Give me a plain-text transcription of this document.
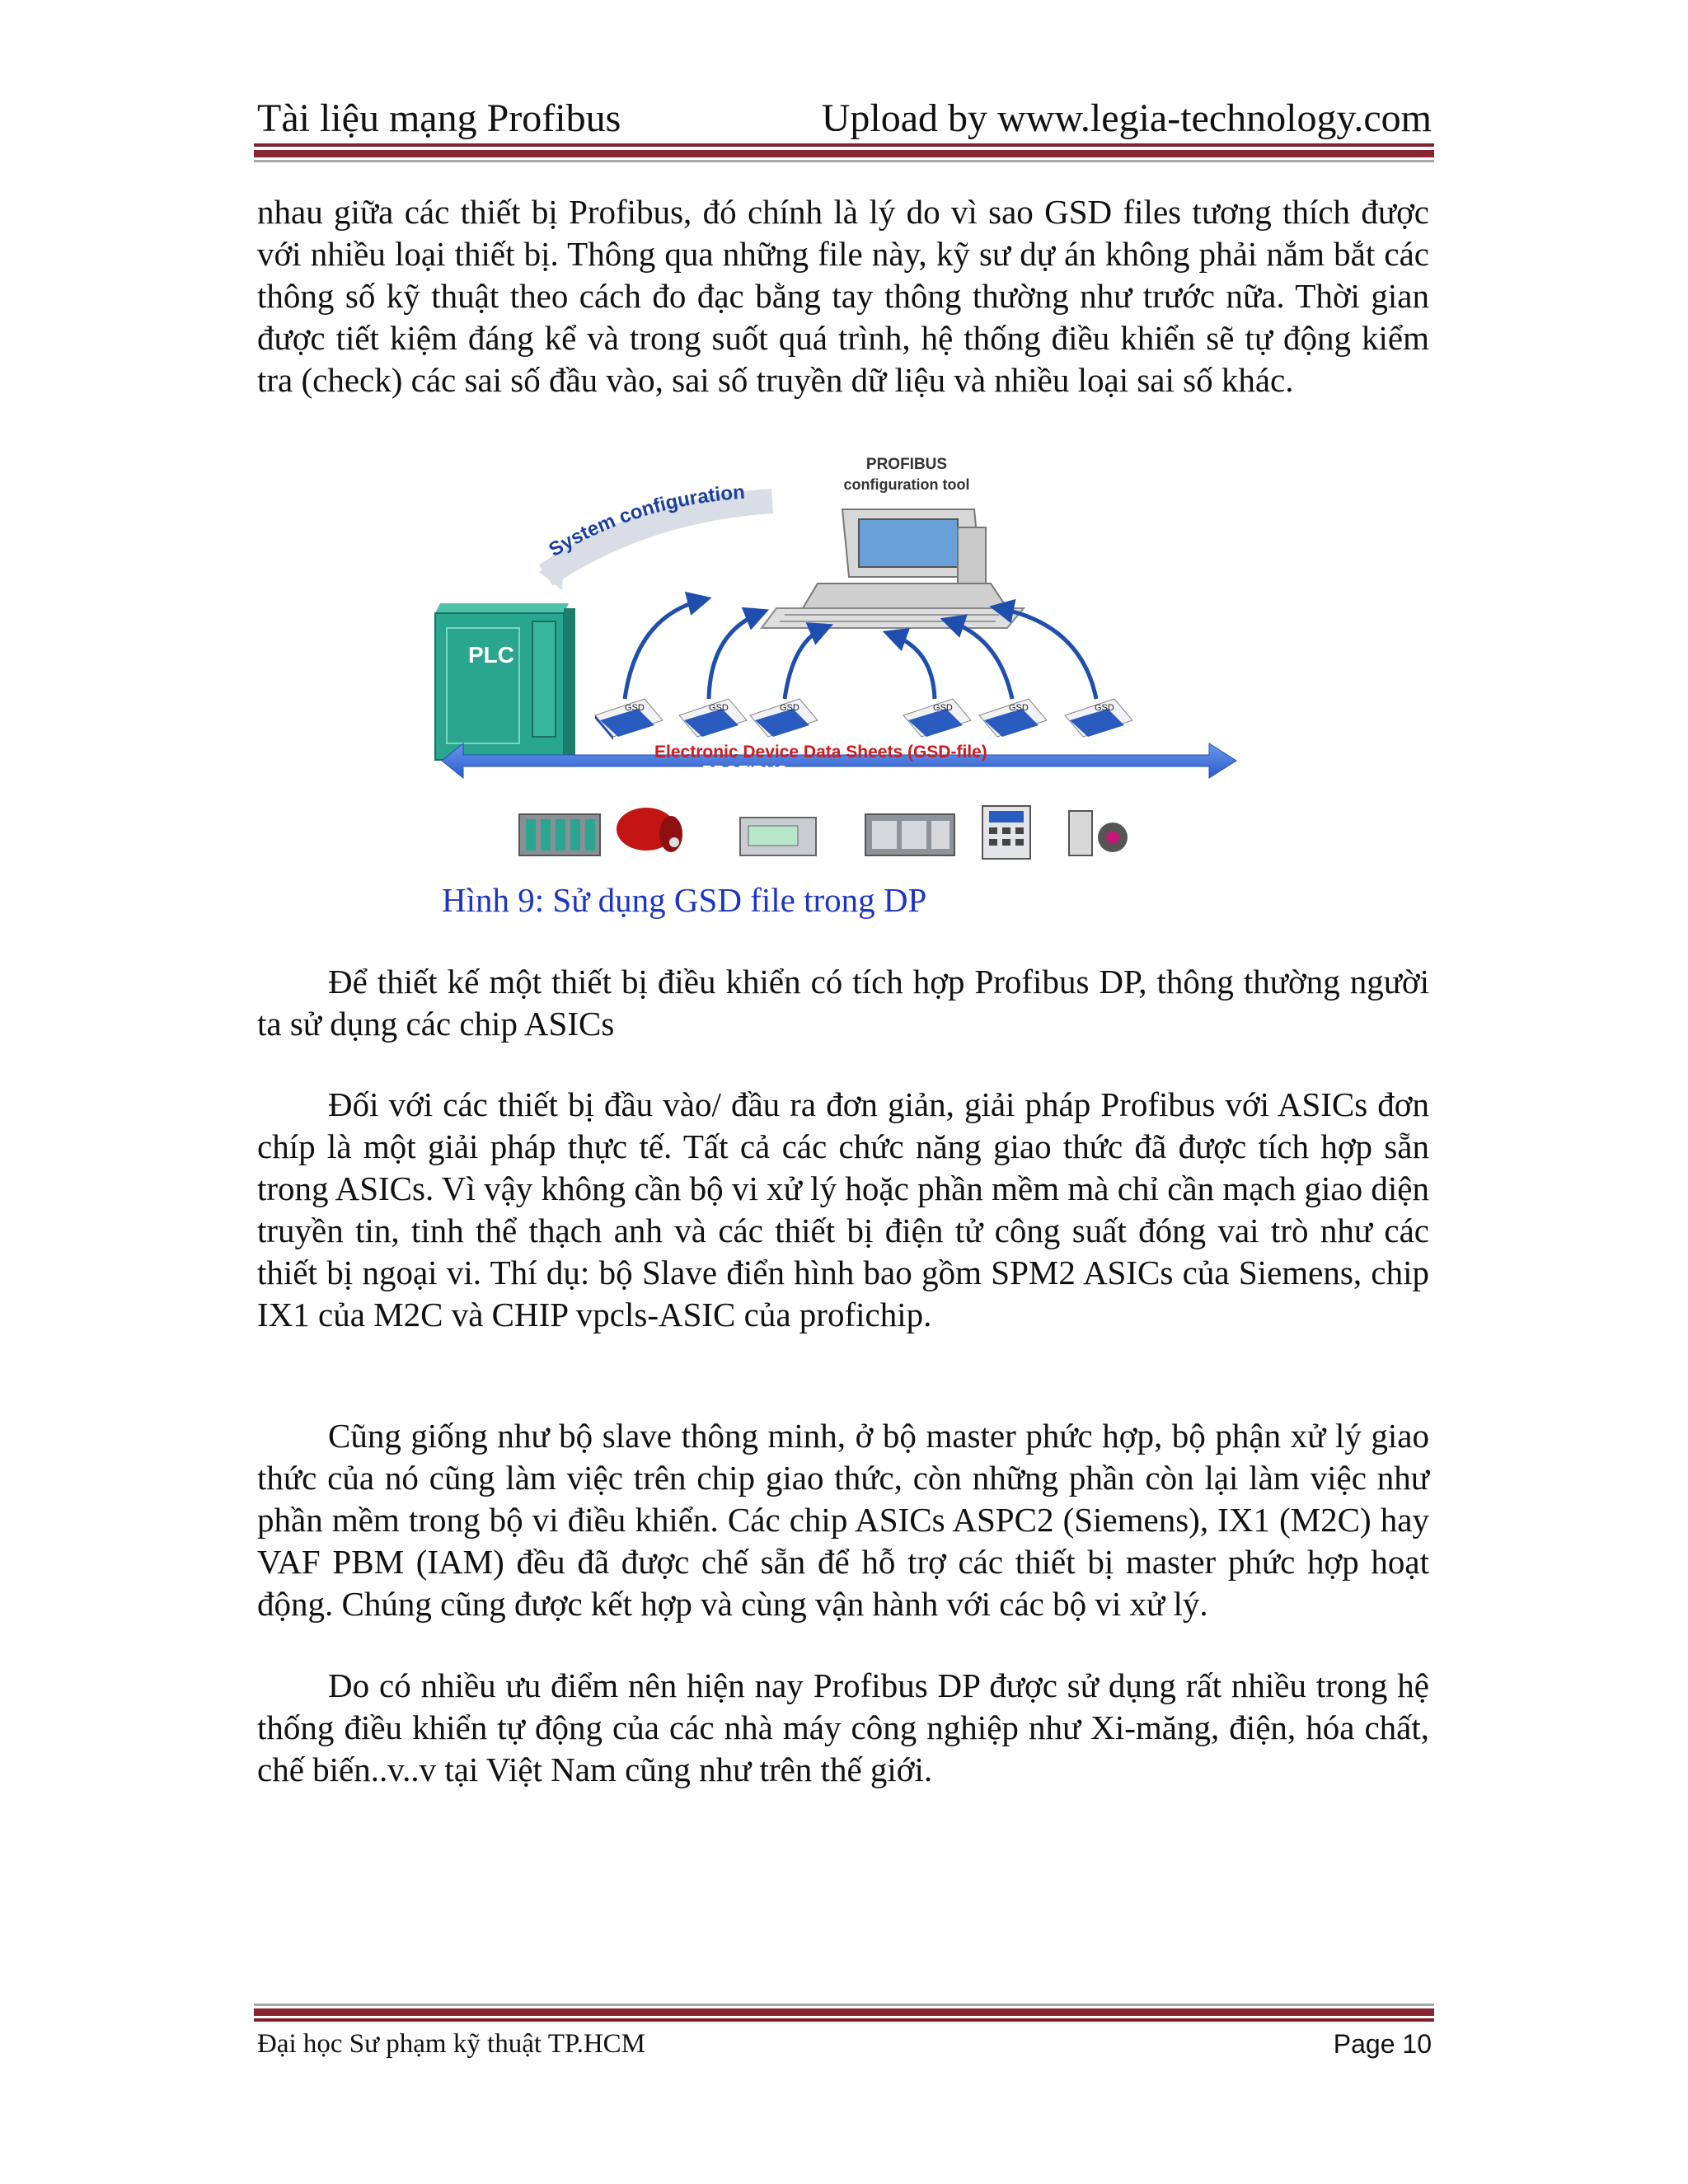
Tài liệu mạng Profibus	Upload by www.legia-technology.com

nhau giữa các thiết bị Profibus, đó chính là lý do vì sao GSD files tương thích được với nhiều loại thiết bị. Thông qua những file này, kỹ sư dự án không phải nắm bắt các thông số kỹ thuật theo cách đo đạc bằng tay thông thường như trước nữa. Thời gian được tiết kiệm đáng kể và trong suốt quá trình, hệ thống điều khiển sẽ tự động kiểm tra (check) các sai số đầu vào, sai số truyền dữ liệu và nhiều loại sai số khác.

PROFIBUS
configuration tool
System configuration
PLC
GSD	GSD	GSD	GSD	GSD	GSD
Electronic Device Data Sheets (GSD-file)
PROFIBUS
Hình 9: Sử dụng GSD file trong DP

Để thiết kế một thiết bị điều khiển có tích hợp Profibus DP, thông thường người ta sử dụng các chip ASICs

Đối với các thiết bị đầu vào/ đầu ra đơn giản, giải pháp Profibus với ASICs đơn chíp là một giải pháp thực tế. Tất cả các chức năng giao thức đã được tích hợp sẵn trong ASICs. Vì vậy không cần bộ vi xử lý hoặc phần mềm mà chỉ cần mạch giao diện truyền tin, tinh thể thạch anh và các thiết bị điện tử công suất đóng vai trò như các thiết bị ngoại vi. Thí dụ: bộ Slave điển hình bao gồm SPM2 ASICs của Siemens, chip IX1 của M2C và CHIP vpcls-ASIC của profichip.

Cũng giống như bộ slave thông minh, ở bộ master phức hợp, bộ phận xử lý giao thức của nó cũng làm việc trên chip giao thức, còn những phần còn lại làm việc như phần mềm trong bộ vi điều khiển. Các chip ASICs ASPC2 (Siemens), IX1 (M2C) hay VAF PBM (IAM) đều đã được chế sẵn để hỗ trợ các thiết bị master phức hợp hoạt động. Chúng cũng được kết hợp và cùng vận hành với các bộ vi xử lý.

Do có nhiều ưu điểm nên hiện nay Profibus DP được sử dụng rất nhiều trong hệ thống điều khiển tự động của các nhà máy công nghiệp như Xi-măng, điện, hóa chất, chế biến..v..v tại Việt Nam cũng như trên thế giới.

Đại học Sư phạm kỹ thuật TP.HCM	Page 10
